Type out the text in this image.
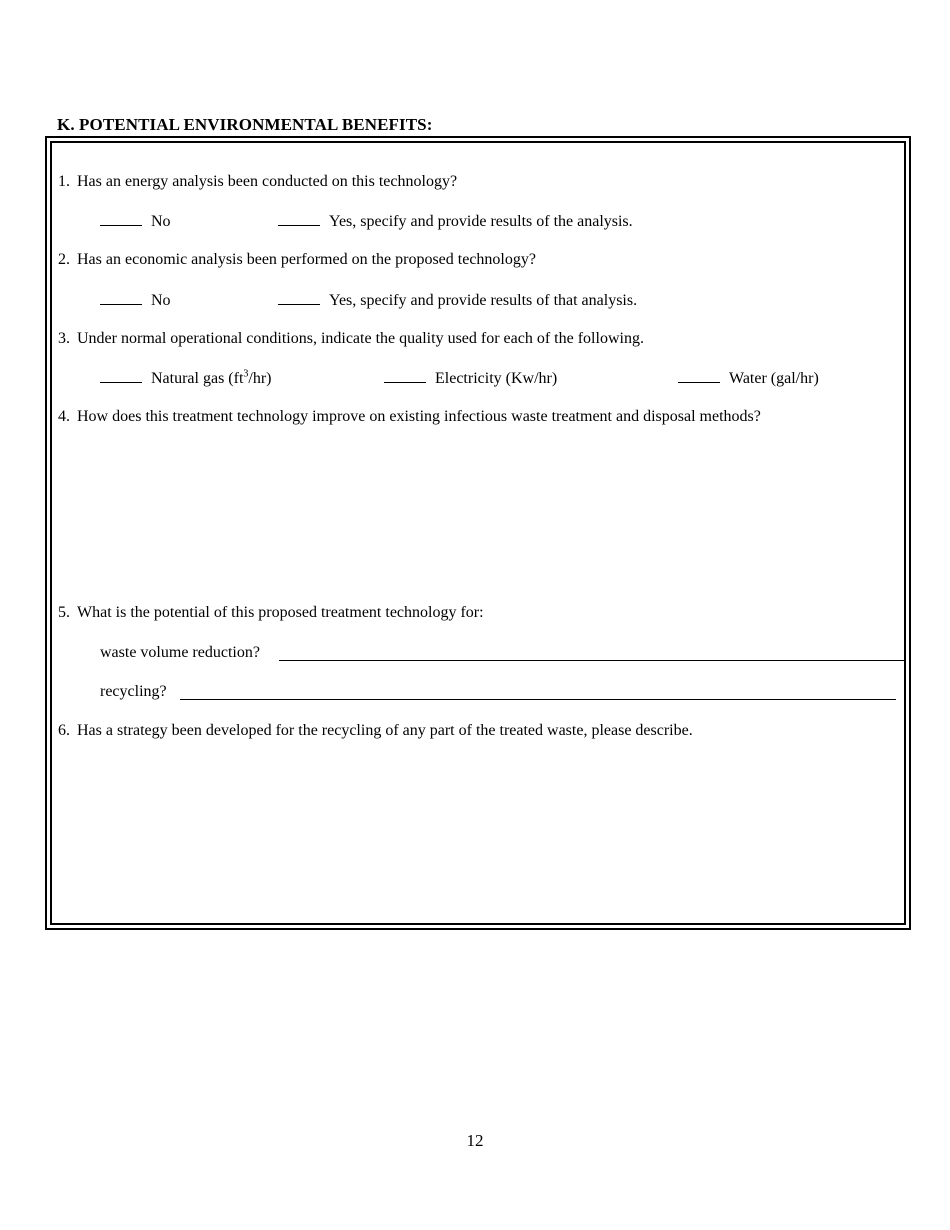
K. POTENTIAL ENVIRONMENTAL BENEFITS:
1. Has an energy analysis been conducted on this technology?
No	Yes, specify and provide results of the analysis.
2. Has an economic analysis been performed on the proposed technology?
No	Yes, specify and provide results of that analysis.
3. Under normal operational conditions, indicate the quality used for each of the following.
Natural gas $(ft^3/hr)$	Electricity (Kw/hr)	Water (gal/hr)
4. How does this treatment technology improve on existing infectious waste treatment and disposal methods?
5. What is the potential of this proposed treatment technology for:
waste volume reduction?
recycling?
6. Has a strategy been developed for the recycling of any part of the treated waste, please describe.
12
